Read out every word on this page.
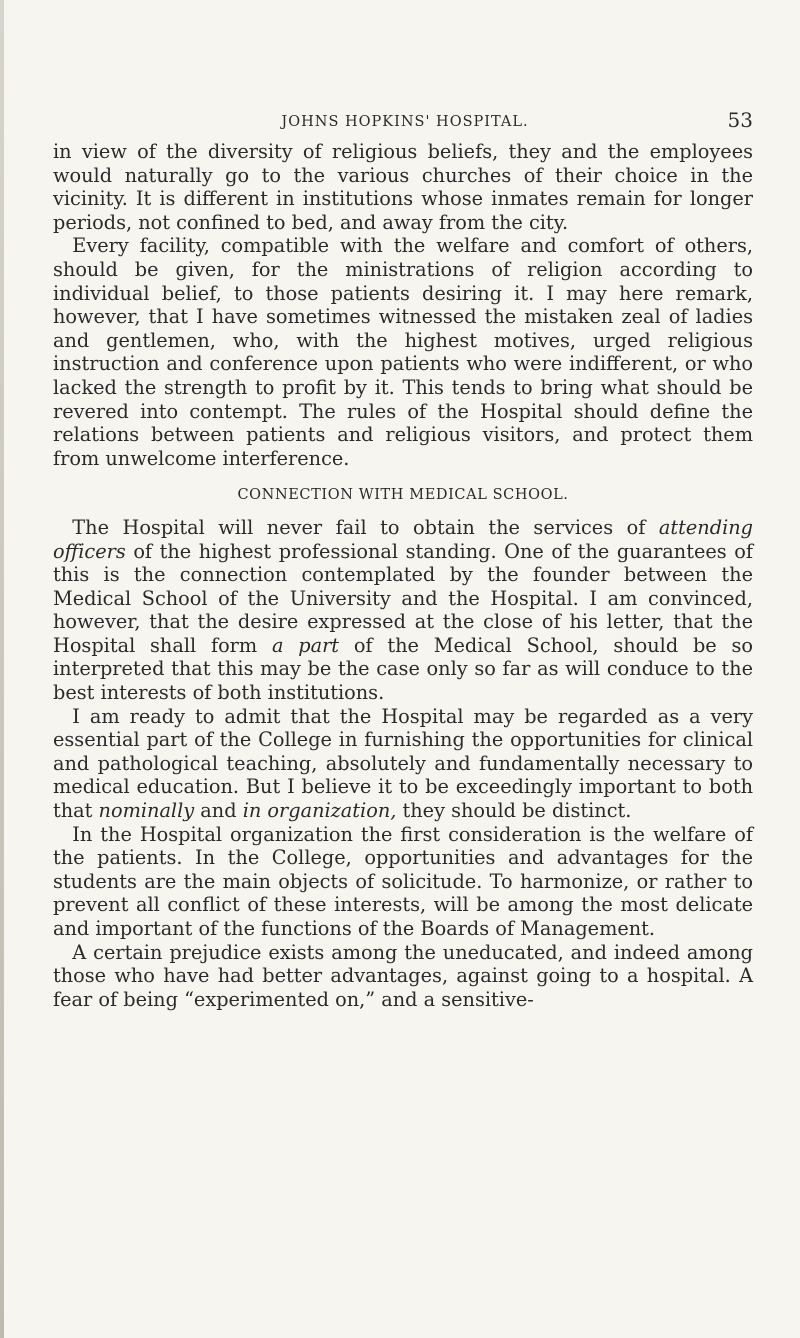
JOHNS HOPKINS' HOSPITAL.	53

in view of the diversity of religious beliefs, they and the employees would naturally go to the various churches of their choice in the vicinity. It is different in institutions whose inmates remain for longer periods, not confined to bed, and away from the city.

Every facility, compatible with the welfare and comfort of others, should be given, for the ministrations of religion according to individual belief, to those patients desiring it. I may here remark, however, that I have sometimes witnessed the mistaken zeal of ladies and gentlemen, who, with the highest motives, urged religious instruction and conference upon patients who were indifferent, or who lacked the strength to profit by it. This tends to bring what should be revered into contempt. The rules of the Hospital should define the relations between patients and religious visitors, and protect them from unwelcome interference.

CONNECTION WITH MEDICAL SCHOOL.

The Hospital will never fail to obtain the services of attending officers of the highest professional standing. One of the guarantees of this is the connection contemplated by the founder between the Medical School of the University and the Hospital. I am convinced, however, that the desire expressed at the close of his letter, that the Hospital shall form a part of the Medical School, should be so interpreted that this may be the case only so far as will conduce to the best interests of both institutions.

I am ready to admit that the Hospital may be regarded as a very essential part of the College in furnishing the opportunities for clinical and pathological teaching, absolutely and fundamentally necessary to medical education. But I believe it to be exceedingly important to both that nominally and in organization, they should be distinct.

In the Hospital organization the first consideration is the welfare of the patients. In the College, opportunities and advantages for the students are the main objects of solicitude. To harmonize, or rather to prevent all conflict of these interests, will be among the most delicate and important of the functions of the Boards of Management.

A certain prejudice exists among the uneducated, and indeed among those who have had better advantages, against going to a hospital. A fear of being “experimented on,” and a sensitive-
